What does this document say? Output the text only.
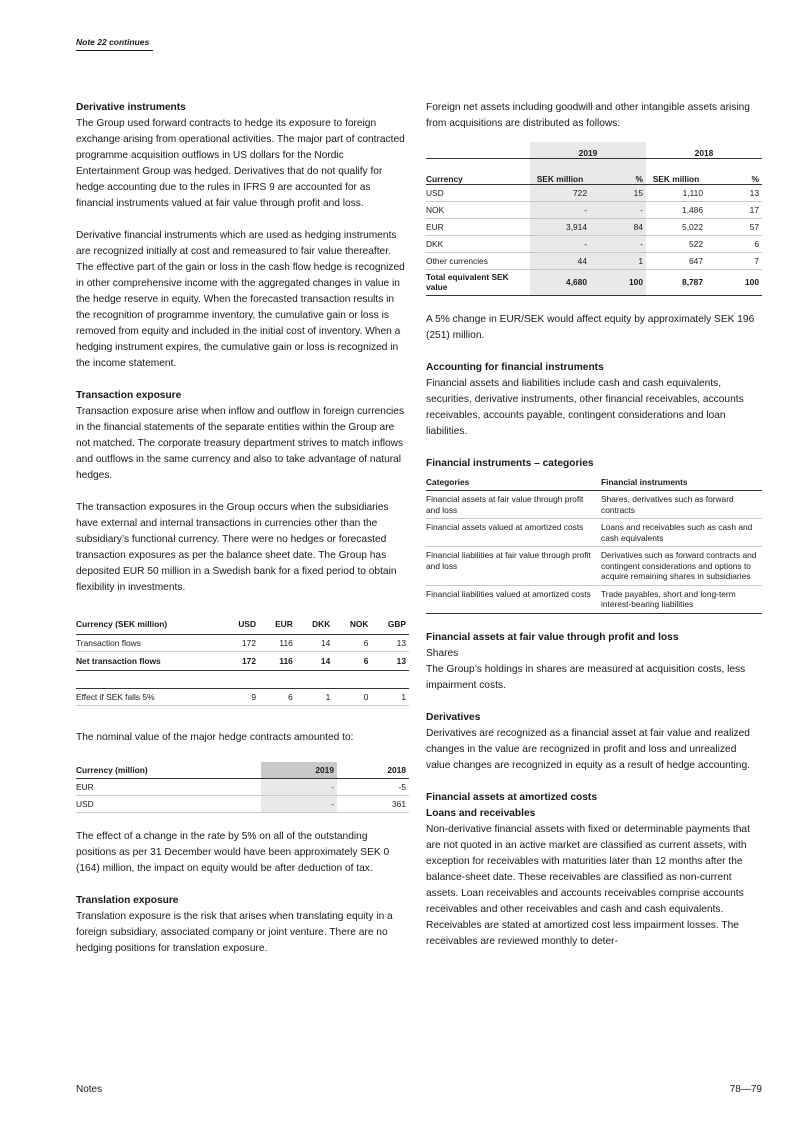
Note 22 continues
Derivative instruments

The Group used forward contracts to hedge its exposure to foreign exchange arising from operational activities. The major part of contracted programme acquisition outflows in US dollars for the Nordic Entertainment Group was hedged. Derivatives that do not qualify for hedge accounting due to the rules in IFRS 9 are accounted for as financial instruments valued at fair value through profit and loss.

Derivative financial instruments which are used as hedging instruments are recognized initially at cost and remeasured to fair value thereafter. The effective part of the gain or loss in the cash flow hedge is recognized in other comprehensive income with the aggregated changes in value in the hedge reserve in equity. When the forecasted transaction results in the recognition of programme inventory, the cumulative gain or loss is removed from equity and included in the initial cost of inventory. When a hedging instrument expires, the cumulative gain or loss is recognized in the income statement.

Transaction exposure

Transaction exposure arise when inflow and outflow in foreign currencies in the financial statements of the separate entities within the Group are not matched. The corporate treasury department strives to match inflows and outflows in the same currency and also to take advantage of natural hedges.

The transaction exposures in the Group occurs when the subsidiaries have external and internal transactions in currencies other than the subsidiary’s functional currency. There were no hedges or forecasted transaction exposures as per the balance sheet date. The Group has deposited EUR 50 million in a Swedish bank for a fixed period to obtain flexibility in investments.

Currency (SEK million)	USD	EUR	DKK	NOK	GBP
Transaction flows	172	116	14	6	13
Net transaction flows	172	116	14	6	13

Effect if SEK falls 5%	9	6	1	0	1

The nominal value of the major hedge contracts amounted to:

Currency (million)	2019	2018
EUR	-	-5
USD	-	361

The effect of a change in the rate by 5% on all of the outstanding positions as per 31 December would have been approximately SEK 0 (164) million, the impact on equity would be after deduction of tax.

Translation exposure

Translation exposure is the risk that arises when translating equity in a foreign subsidiary, associated company or joint venture. There are no hedging positions for translation exposure.

Foreign net assets including goodwill and other intangible assets arising from acquisitions are distributed as follows:

	2019		2018	
Currency	SEK million	%	SEK million	%
USD	722	15	1,110	13
NOK	-	-	1,486	17
EUR	3,914	84	5,022	57
DKK	-	-	522	6
Other currencies	44	1	647	7
Total equivalent SEK value	4,680	100	8,787	100

A 5% change in EUR/SEK would affect equity by approximately SEK 196 (251) million.

Accounting for financial instruments

Financial assets and liabilities include cash and cash equivalents, securities, derivative instruments, other financial receivables, accounts receivables, accounts payable, contingent considerations and loan liabilities.

Financial instruments – categories
Categories	Financial instruments
Financial assets at fair value through profit and loss	Shares, derivatives such as forward contracts
Financial assets valued at amortized costs	Loans and receivables such as cash and cash equivalents
Financial liabilities at fair value through profit and loss	Derivatives such as forward contracts and contingent considerations and options to acquire remaining shares in subsidiaries
Financial liabilities valued at amortized costs	Trade payables, short and long-term interest-bearing liabilities
Financial assets at fair value through profit and loss
Shares

The Group’s holdings in shares are measured at acquisition costs, less impairment costs.

Derivatives

Derivatives are recognized as a financial asset at fair value and realized changes in the value are recognized in profit and loss and unrealized value changes are recognized in equity as a result of hedge accounting.

Financial assets at amortized costs
Loans and receivables

Non-derivative financial assets with fixed or determinable payments that are not quoted in an active market are classified as current assets, with exception for receivables with maturities later than 12 months after the balance-sheet date. These receivables are classified as non-current assets. Loan receivables and accounts receivables comprise accounts receivables and other receivables and cash and cash equivalents. Receivables are stated at amortized cost less impairment losses. The receivables are reviewed monthly to deter-

Notes	78—79
